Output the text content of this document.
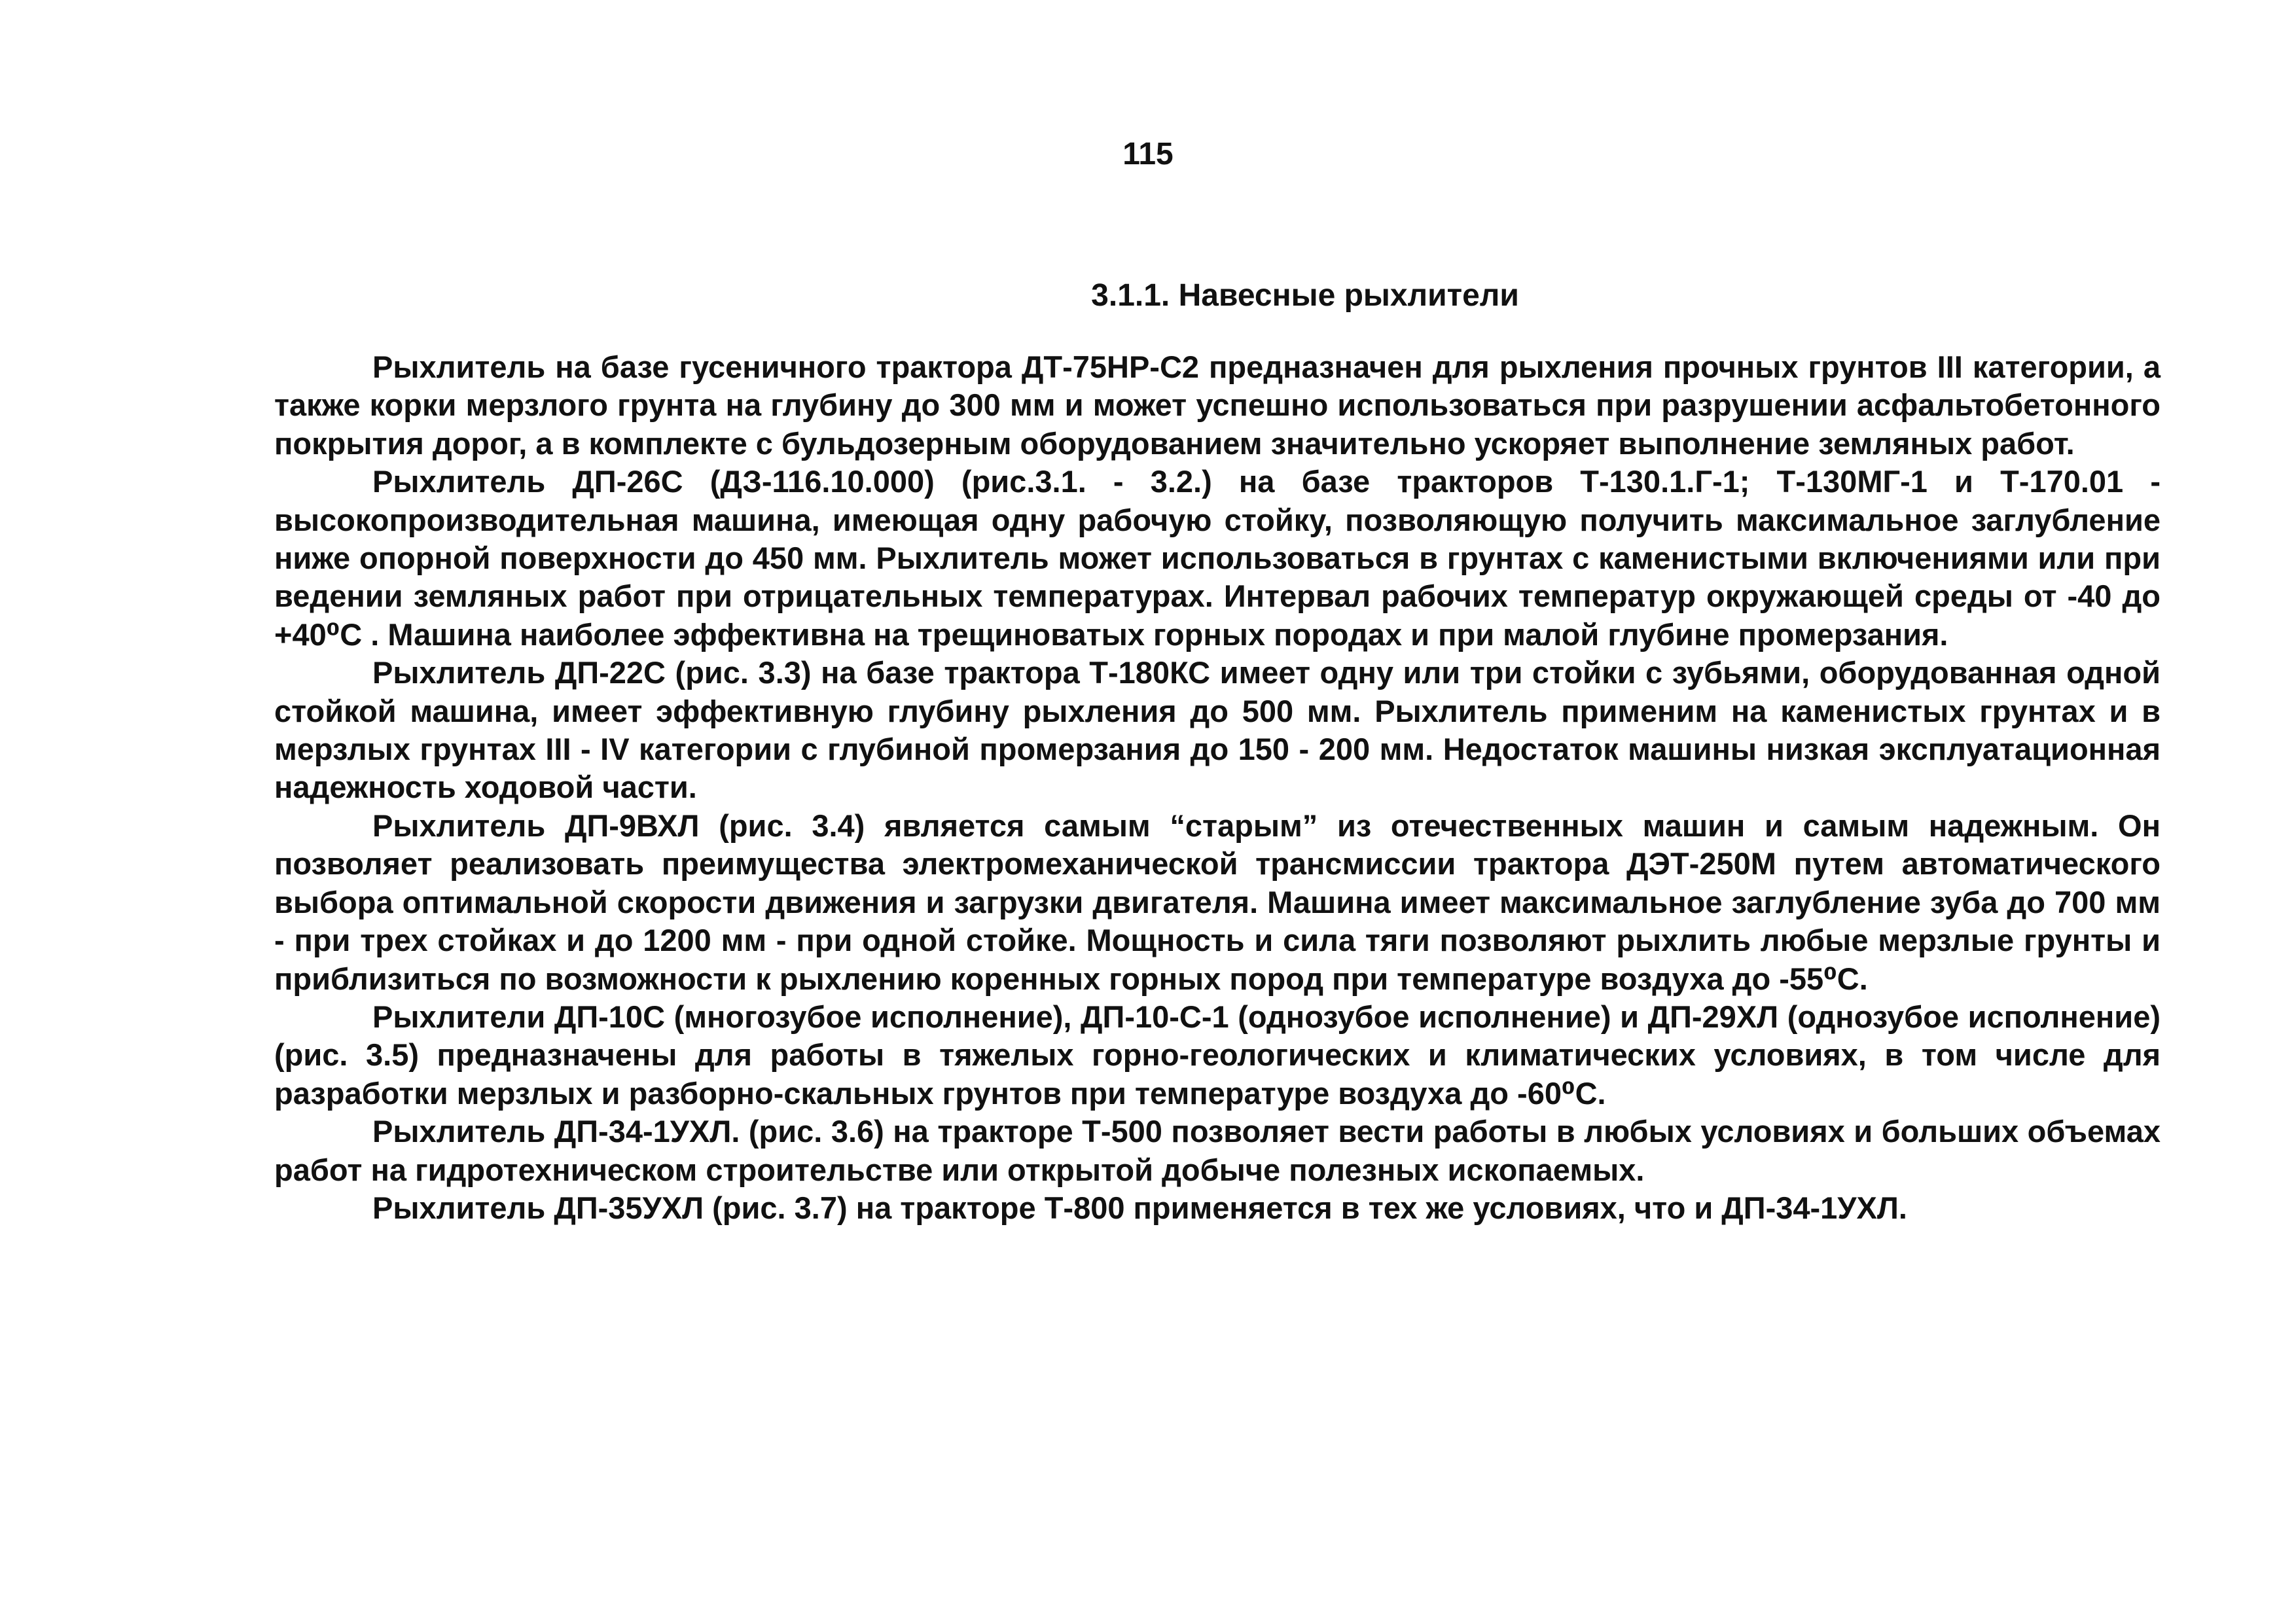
115
3.1.1. Навесные рыхлители

Рыхлитель на базе гусеничного трактора ДТ-75НР-С2 предназначен для рыхления прочных грунтов III категории, а также корки мерзлого грунта на глубину до 300 мм и может успешно использоваться при разрушении асфальтобетонного покрытия дорог, а в комплекте с бульдозерным оборудованием значительно ускоряет выполнение земляных работ.

Рыхлитель ДП-26С (ДЗ-116.10.000) (рис.3.1. - 3.2.) на базе тракторов Т-130.1.Г-1; Т-130МГ-1 и Т-170.01 - высокопроизводительная машина, имеющая одну рабочую стойку, позволяющую получить максимальное заглубление ниже опорной поверхности до 450 мм. Рыхлитель может использоваться в грунтах с каменистыми включениями или при ведении земляных работ при отрицательных температурах. Интервал рабочих температур окружающей среды от -40 до +40⁰С . Машина наиболее эффективна на трещиноватых горных породах и при малой глубине промерзания.

Рыхлитель ДП-22С (рис. 3.3) на базе трактора Т-180КС имеет одну или три стойки с зубьями, оборудованная одной стойкой машина, имеет эффективную глубину рыхления до 500 мм. Рыхлитель применим на каменистых грунтах и в мерзлых грунтах III - IV категории с глубиной промерзания до 150 - 200 мм. Недостаток машины низкая эксплуатационная надежность ходовой части.

Рыхлитель ДП-9ВХЛ (рис. 3.4) является самым “старым” из отечественных машин и самым надежным. Он позволяет реализовать преимущества электромеханической трансмиссии трактора ДЭТ-250М путем автоматического выбора оптимальной скорости движения и загрузки двигателя. Машина имеет максимальное заглубление зуба до 700 мм - при трех стойках и до 1200 мм - при одной стойке. Мощность и сила тяги позволяют рыхлить любые мерзлые грунты и приблизиться по возможности к рыхлению коренных горных пород при температуре воздуха до -55⁰С.

Рыхлители ДП-10С (многозубое исполнение), ДП-10-С-1 (однозубое исполнение) и ДП-29ХЛ (однозубое исполнение) (рис. 3.5) предназначены для работы в тяжелых горно-геологических и климатических условиях, в том числе для разработки мерзлых и разборно-скальных грунтов при температуре воздуха до -60⁰С.

Рыхлитель ДП-34-1УХЛ. (рис. 3.6) на тракторе Т-500 позволяет вести работы в любых условиях и больших объемах работ на гидротехническом строительстве или открытой добыче полезных ископаемых.

Рыхлитель ДП-35УХЛ (рис. 3.7) на тракторе Т-800 применяется в тех же условиях, что и ДП-34-1УХЛ.
